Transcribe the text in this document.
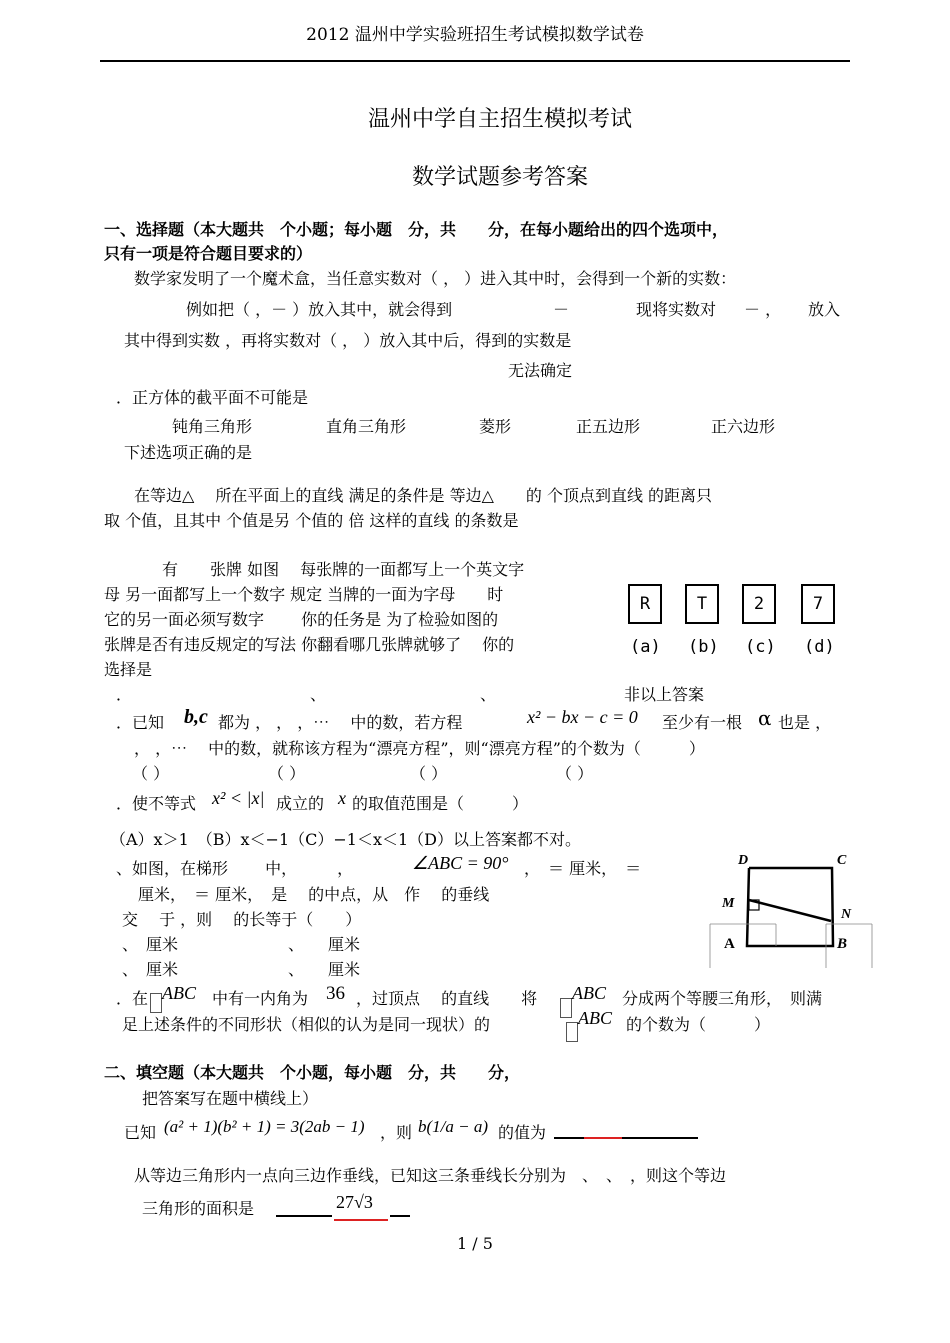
2012 温州中学实验班招生考试模拟数学试卷
温州中学自主招生模拟考试
数学试题参考答案
一、选择题（本大题共　个小题；每小题　分，共　　分，在每小题给出的四个选项中，
只有一项是符合题目要求的）
数学家发明了一个魔术盒，当任意实数对（ ， ）进入其中时，会得到一个新的实数：
例如把（ ，－ ）放入其中，就会得到	－	现将实数对 － ， 放入
其中得到实数 ，再将实数对（ ， ）放入其中后，得到的实数是
无法确定
．正方体的截平面不可能是
钝角三角形	直角三角形	菱形	正五边形	正六边形
下述选项正确的是
在等边△　 所在平面上的直线 满足的条件是 等边△　　的 个顶点到直线 的距离只
取 个值，且其中 个值是另 个值的 倍 这样的直线 的条数是
有　　张牌 如图　 每张牌的一面都写上一个英文字
母 另一面都写上一个数字 规定 当牌的一面为字母　　时
它的另一面必须写数字　　 你的任务是 为了检验如图的
张牌是否有违反规定的写法 你翻看哪几张牌就够了　 你的
选择是
R	T	2	7
(a) (b) (c) (d)
．	、	、	非以上答案
．已知 b,c 都为 ， ， ，⋯　 中的数，若方程	x² − bx − c = 0 至少有一根 α 也是 ，
， ，⋯　 中的数，就称该方程为“漂亮方程”，则“漂亮方程”的个数为（　　　）
（ ）	（ ）	（ ）	（ ）
．使不等式 x² < |x| 成立的 x 的取值范围是（　　　）
（A）x＞1　（B）x＜−1（C）−1＜x＜1（D）以上答案都不对。
、如图，在梯形　　 中，　　　，	∠ABC = 90° ，　＝ 厘米，　＝
厘米，　＝ 厘米，　是　 的中点，从　作　 的垂线
交　 于 ，则　 的长等于（　　）
、　厘米	、　　厘米
、　厘米	、　　厘米
D	C
M
N
A	B
．在 ABC 中有一内角为 36 ，过顶点　 的直线　　将 ABC 分成两个等腰三角形，　则满
足上述条件的不同形状（相似的认为是同一现状）的	ABC 的个数为（　　　）
二、填空题（本大题共　个小题，每小题　分，共　　分，
把答案写在题中横线上）
已知 (a² + 1)(b² + 1) = 3(2ab − 1) ，则 b(1/a − a) 的值为
从等边三角形内一点向三边作垂线，已知这三条垂线长分别为　、　、　，则这个等边
三角形的面积是	27√3
1 / 5
